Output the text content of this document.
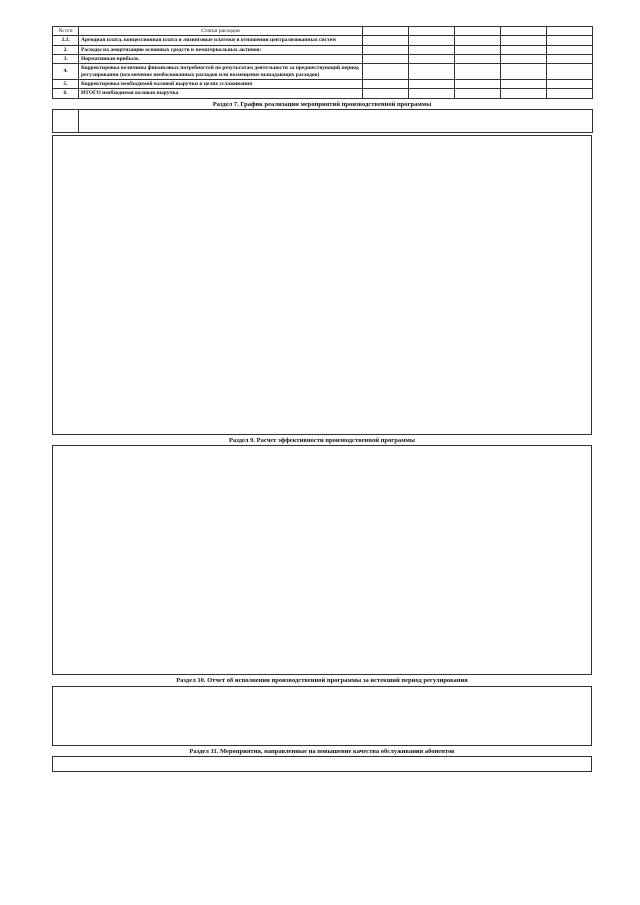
№ п/п	Статьи расходов					
3.3.	Арендная плата, концессионная плата и лизинговые платежи в отношении централизованных систем					
2.	Расходы на амортизацию основных средств и нематериальных активов:					
3.	Нормативная прибыль					
4.	Корректировка величины финансовых потребностей по результатам деятельности за предшествующий период регулирования (исключение необоснованных расходов или возмещение выпадающих расходов)					
5.	Корректировка необходимой валовой выручки в целях сглаживания					
6.	ИТОГО необходимая валовая выручка					
Раздел 7. График реализации мероприятий производственной программы

Раздел 9. Расчет эффективности производственной программы
Раздел 10. Отчет об исполнении производственной программы за истекший период регулирования
Раздел 11. Мероприятия, направленные на повышение качества обслуживания абонентов
